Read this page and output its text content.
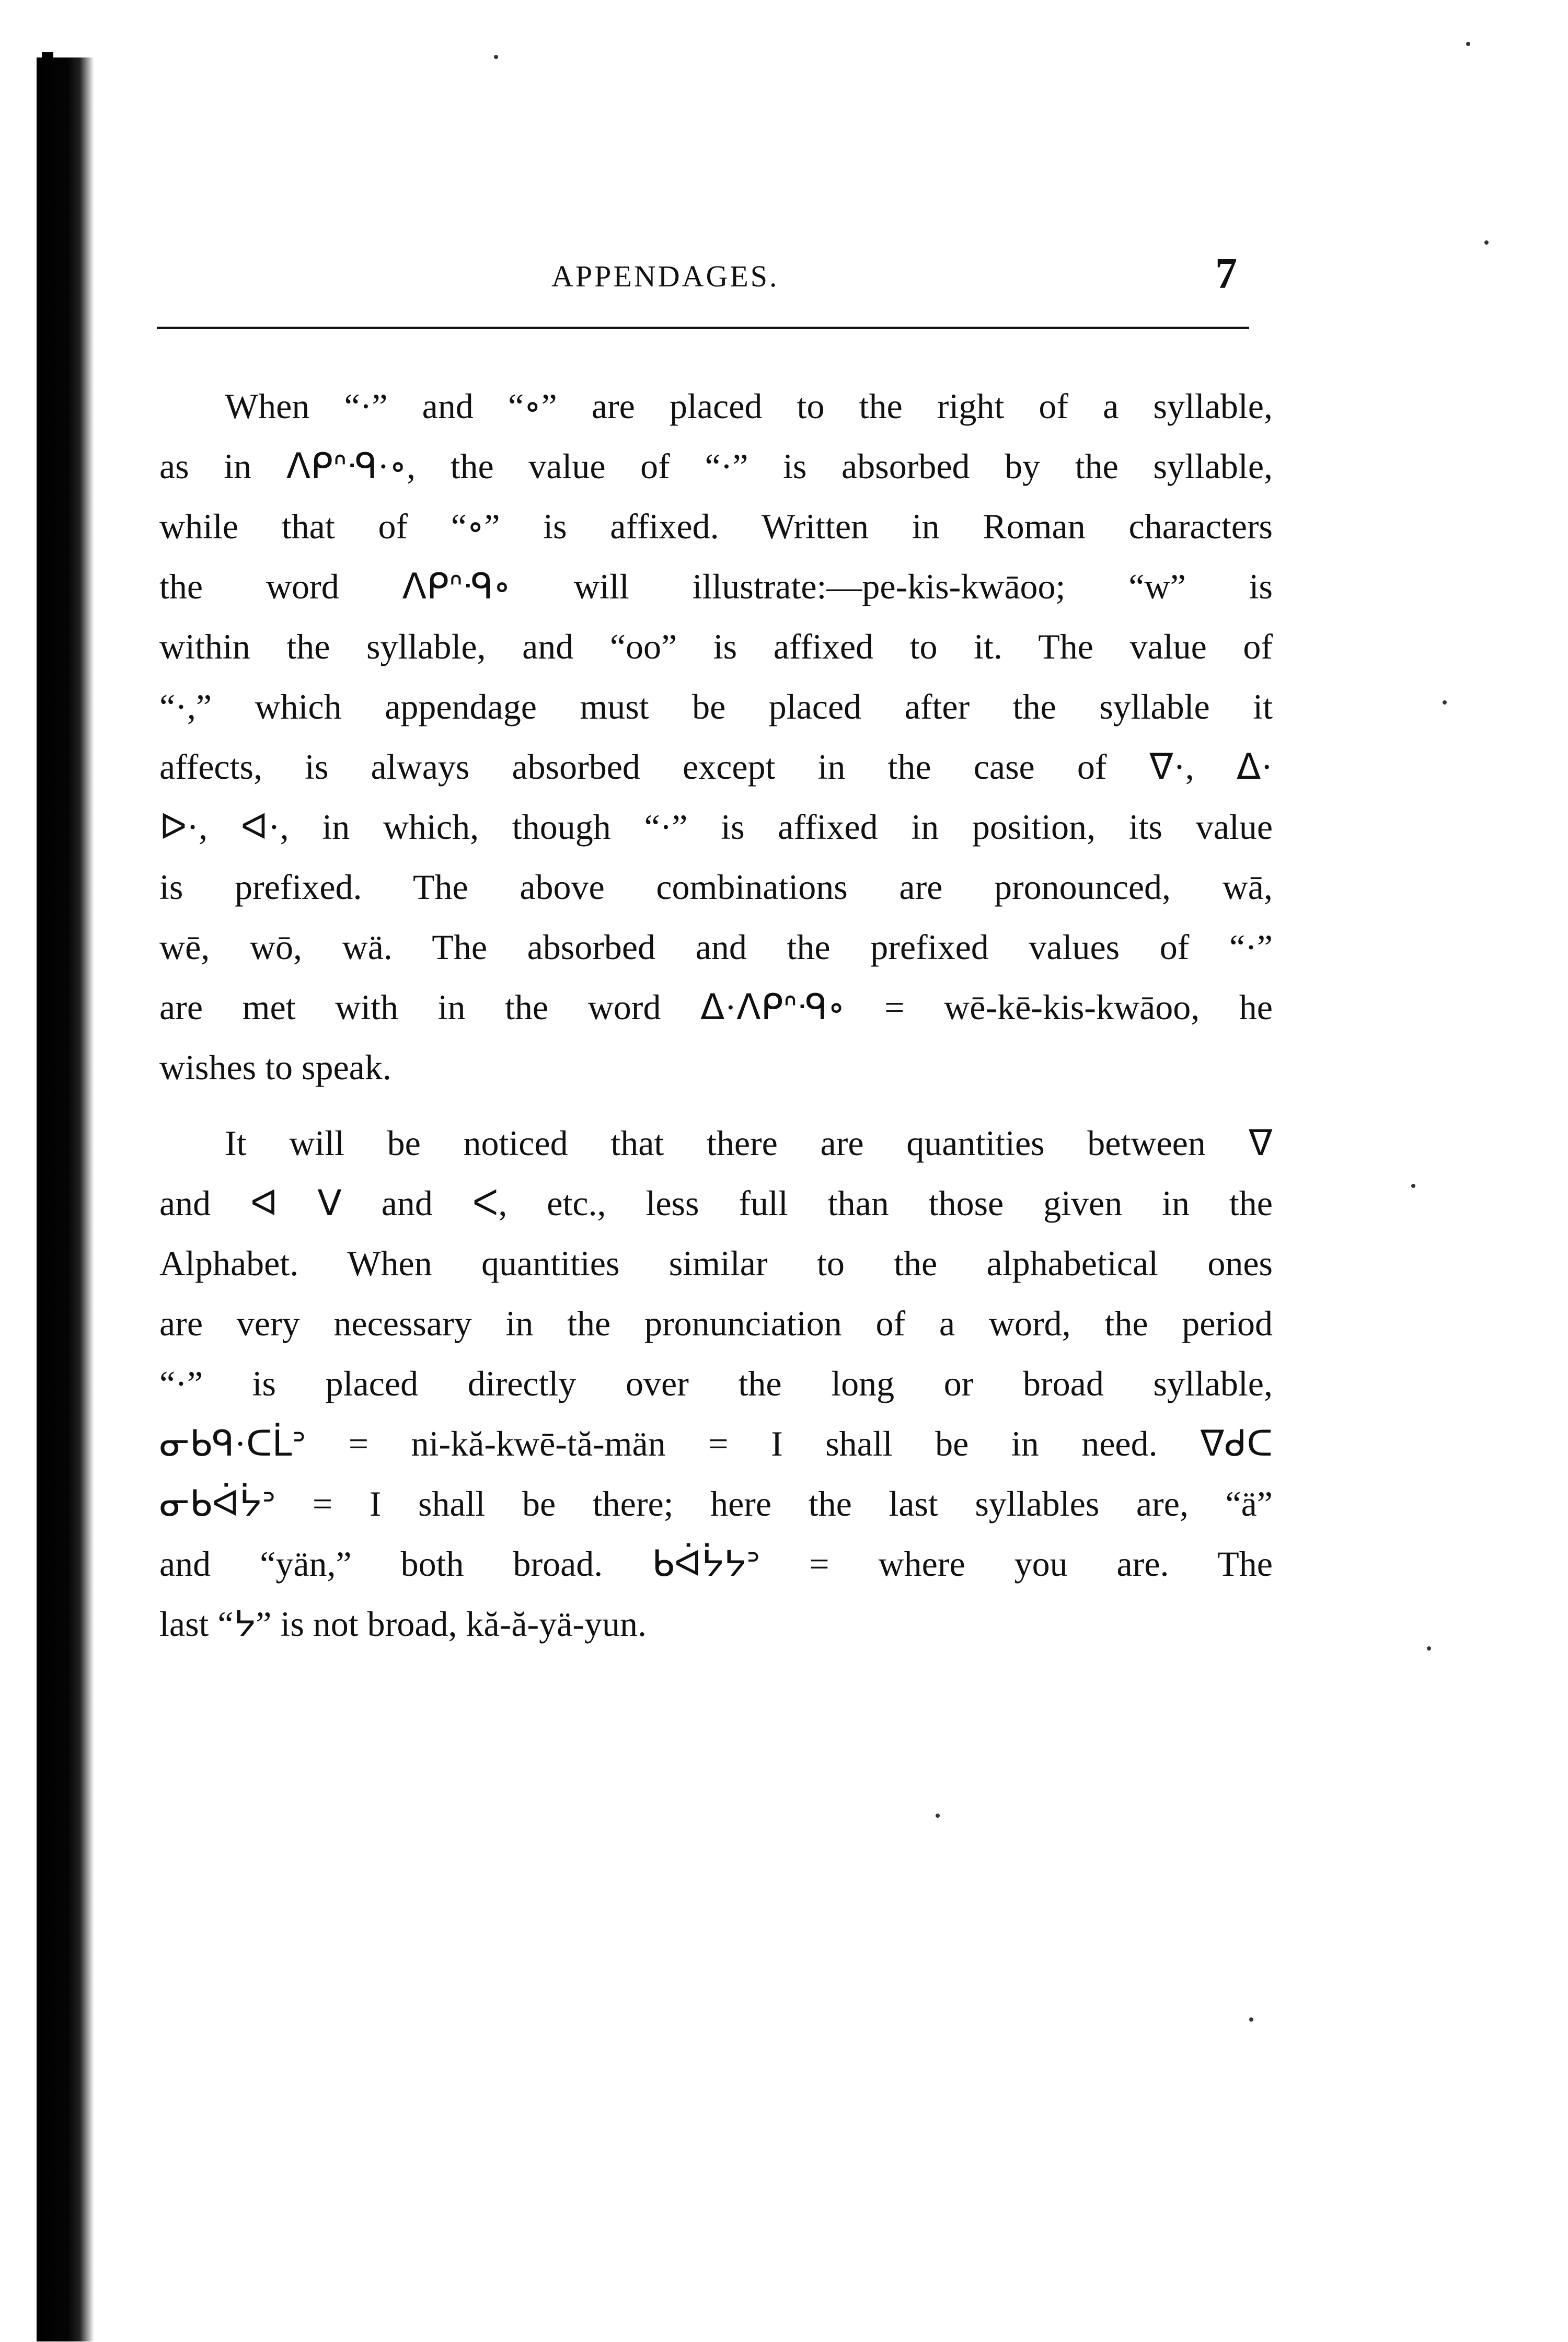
APPENDAGES.	7
When “·” and “∘” are placed to the right of a syllable,
as in ᐱᑭᐢᑴ·∘, the value of “·” is absorbed by the syllable,
while that of “∘” is affixed. Written in Roman characters
the word ᐱᑭᐢᑴ∘ will illustrate:—pe-kis-kwāoo; “w” is
within the syllable, and “oo” is affixed to it. The value of
“·,” which appendage must be placed after the syllable it
affects, is always absorbed except in the case of ᐁ·, ᐃ·
ᐅ·, ᐊ·, in which, though “·” is affixed in position, its value
is prefixed. The above combinations are pronounced, wā,
wē, wō, wä. The absorbed and the prefixed values of “·”
are met with in the word ᐃ·ᐱᑭᐢᑴ∘ = wē-kē-kis-kwāoo, he
wishes to speak.
It will be noticed that there are quantities between ᐁ
and ᐊ ᐯ and ᐸ, etc., less full than those given in the
Alphabet. When quantities similar to the alphabetical ones
are very necessary in the pronunciation of a word, the period
“·” is placed directly over the long or broad syllable,
ᓂᑲᑫ·ᑕᒫᐣ = ni-kă-kwē-tă-män = I shall be in need. ᐁᑯᑕ
ᓂᑲᐋᔮᐣ = I shall be there; here the last syllables are, “ä”
and “yän,” both broad. ᑲᐋᔮᔭᐣ = where you are. The
last “ᔭ” is not broad, kă-ă-yä-yun.
